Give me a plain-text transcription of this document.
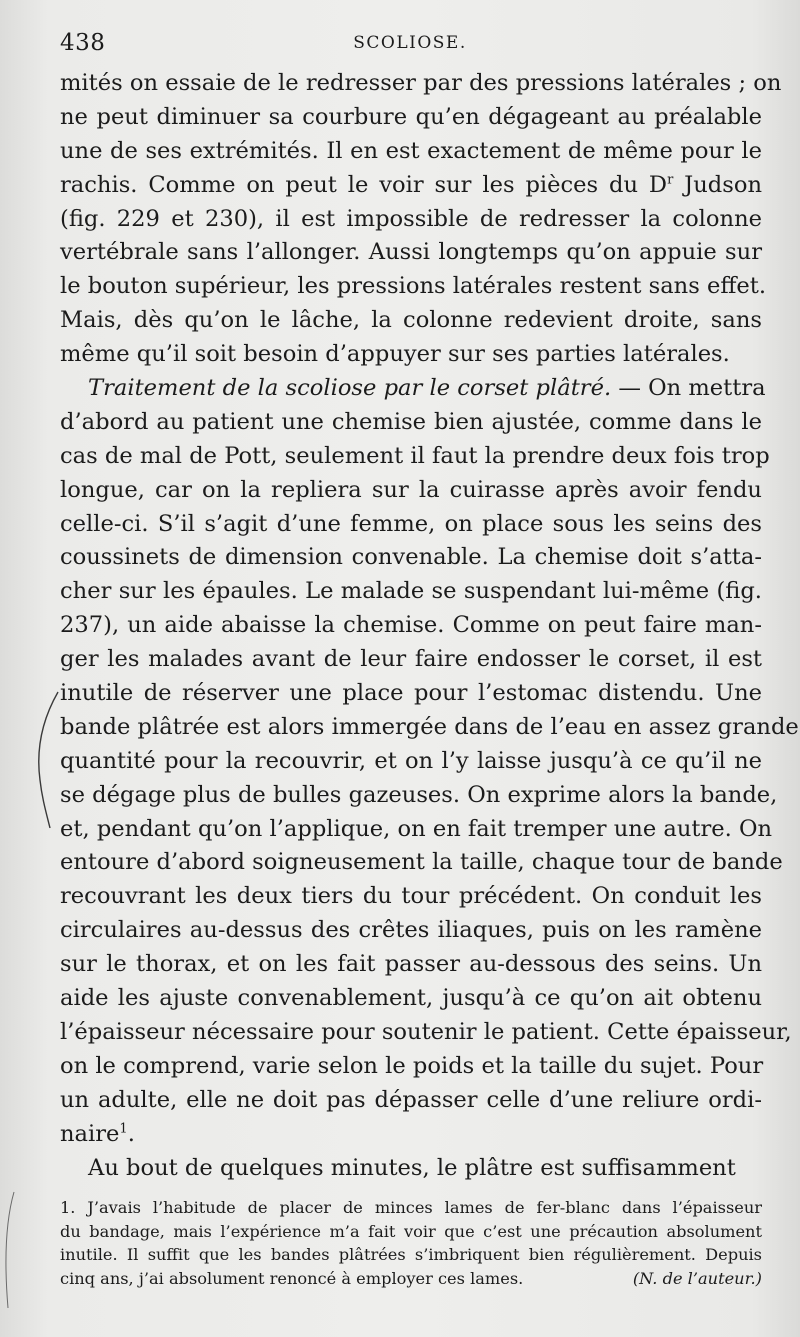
438	SCOLIOSE.
mités on essaie de le redresser par des pressions latérales ; on
ne peut diminuer sa courbure qu’en dégageant au préalable
une de ses extrémités. Il en est exactement de même pour le
rachis. Comme on peut le voir sur les pièces du $D^r$ Judson
(fig. 229 et 230), il est impossible de redresser la colonne
vertébrale sans l’allonger. Aussi longtemps qu’on appuie sur
le bouton supérieur, les pressions latérales restent sans effet.
Mais, dès qu’on le lâche, la colonne redevient droite, sans
même qu’il soit besoin d’appuyer sur ses parties latérales.
Traitement de la scoliose par le corset plâtré. — On mettra
d’abord au patient une chemise bien ajustée, comme dans le
cas de mal de Pott, seulement il faut la prendre deux fois trop
longue, car on la repliera sur la cuirasse après avoir fendu
celle-ci. S’il s’agit d’une femme, on place sous les seins des
coussinets de dimension convenable. La chemise doit s’atta-
cher sur les épaules. Le malade se suspendant lui-même (fig.
237), un aide abaisse la chemise. Comme on peut faire man-
ger les malades avant de leur faire endosser le corset, il est
inutile de réserver une place pour l’estomac distendu. Une
bande plâtrée est alors immergée dans de l’eau en assez grande
quantité pour la recouvrir, et on l’y laisse jusqu’à ce qu’il ne
se dégage plus de bulles gazeuses. On exprime alors la bande,
et, pendant qu’on l’applique, on en fait tremper une autre. On
entoure d’abord soigneusement la taille, chaque tour de bande
recouvrant les deux tiers du tour précédent. On conduit les
circulaires au-dessus des crêtes iliaques, puis on les ramène
sur le thorax, et on les fait passer au-dessous des seins. Un
aide les ajuste convenablement, jusqu’à ce qu’on ait obtenu
l’épaisseur nécessaire pour soutenir le patient. Cette épaisseur,
on le comprend, varie selon le poids et la taille du sujet. Pour
un adulte, elle ne doit pas dépasser celle d’une reliure ordi-
naire$^1$.
Au bout de quelques minutes, le plâtre est suffisamment
1. J’avais l’habitude de placer de minces lames de fer-blanc dans l’épaisseur
du bandage, mais l’expérience m’a fait voir que c’est une précaution absolument
inutile. Il suffit que les bandes plâtrées s’imbriquent bien régulièrement. Depuis
cinq ans, j’ai absolument renoncé à employer ces lames.	(N. de l’auteur.)
